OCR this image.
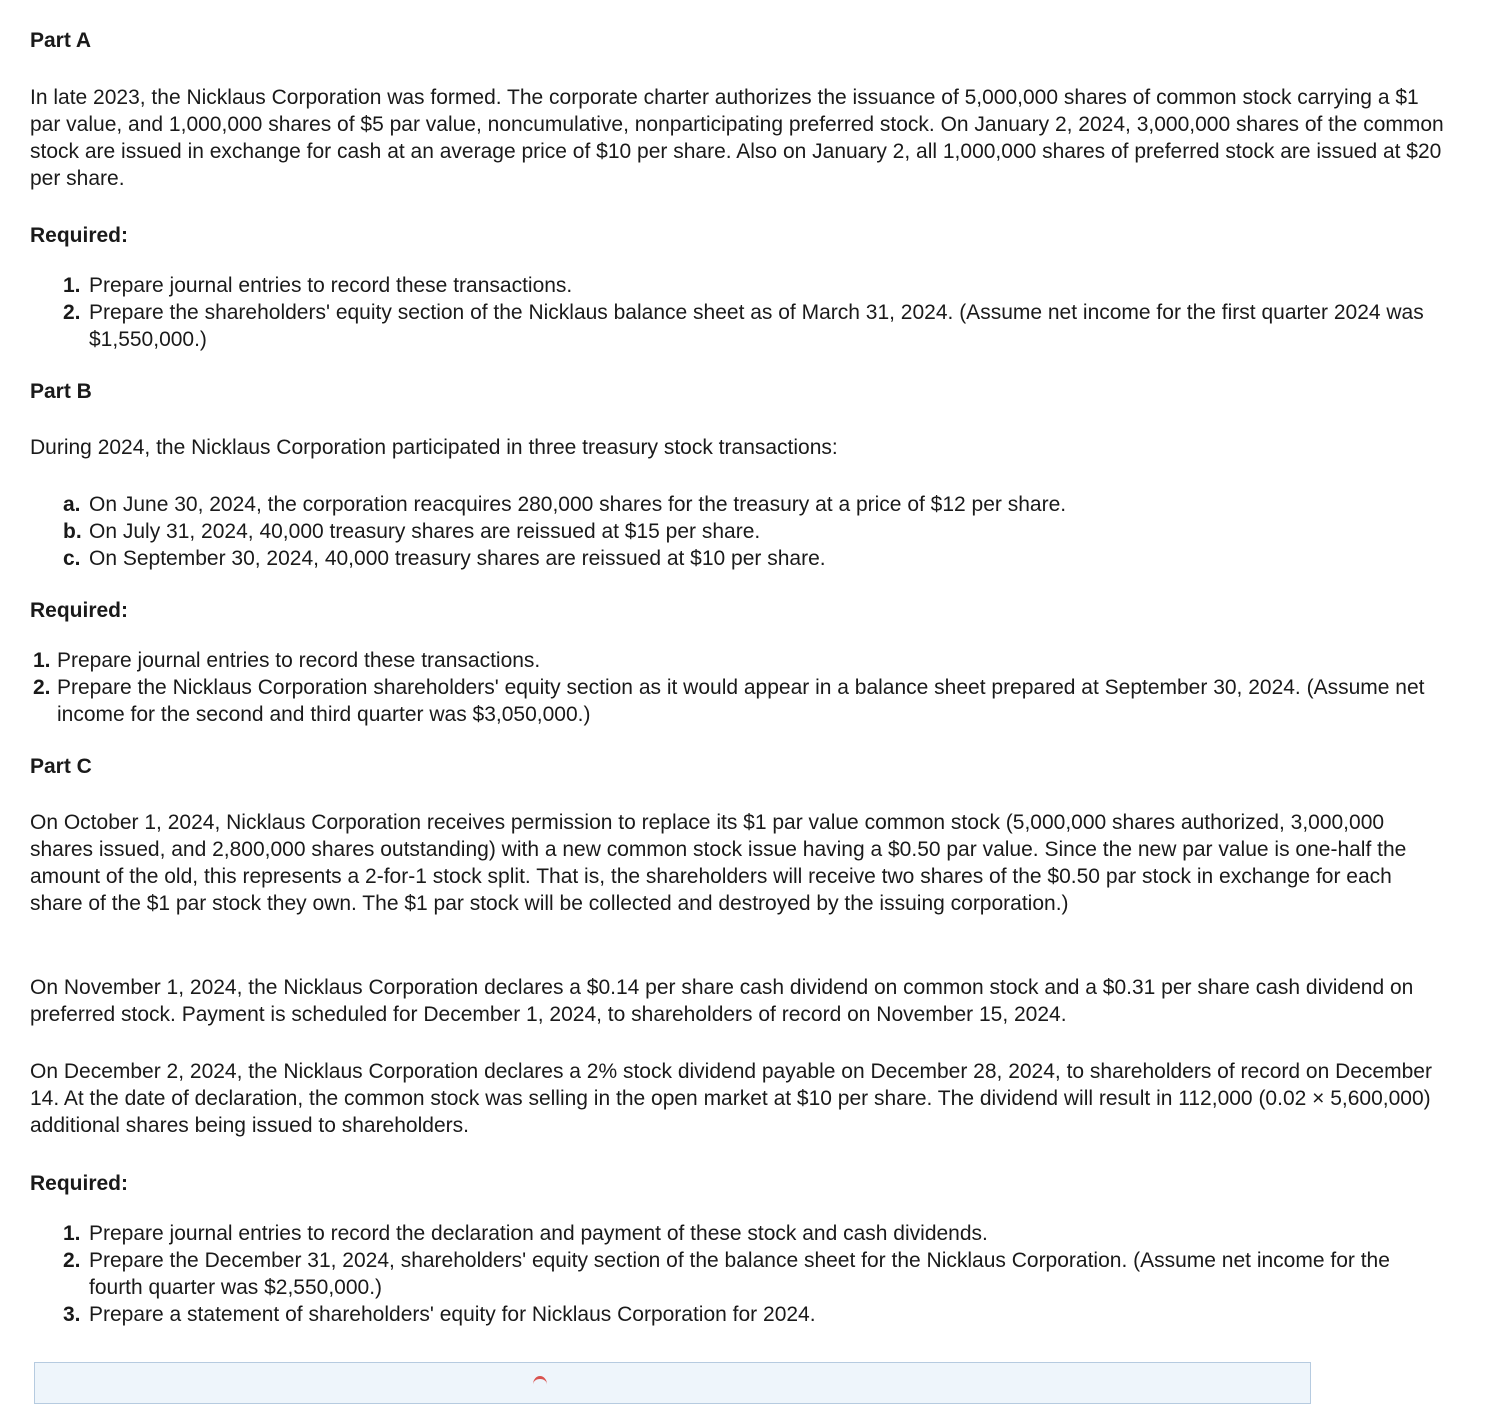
Part A

In late 2023, the Nicklaus Corporation was formed. The corporate charter authorizes the issuance of 5,000,000 shares of common stock carrying a $1 par value, and 1,000,000 shares of $5 par value, noncumulative, nonparticipating preferred stock. On January 2, 2024, 3,000,000 shares of the common stock are issued in exchange for cash at an average price of $10 per share. Also on January 2, all 1,000,000 shares of preferred stock are issued at $20 per share.

Required:
1. Prepare journal entries to record these transactions.
2. Prepare the shareholders' equity section of the Nicklaus balance sheet as of March 31, 2024. (Assume net income for the first quarter 2024 was $1,550,000.)
Part B

During 2024, the Nicklaus Corporation participated in three treasury stock transactions:

a. On June 30, 2024, the corporation reacquires 280,000 shares for the treasury at a price of $12 per share.
b. On July 31, 2024, 40,000 treasury shares are reissued at $15 per share.
c. On September 30, 2024, 40,000 treasury shares are reissued at $10 per share.
Required:
1. Prepare journal entries to record these transactions.
2. Prepare the Nicklaus Corporation shareholders' equity section as it would appear in a balance sheet prepared at September 30, 2024. (Assume net income for the second and third quarter was $3,050,000.)
Part C

On October 1, 2024, Nicklaus Corporation receives permission to replace its $1 par value common stock (5,000,000 shares authorized, 3,000,000 shares issued, and 2,800,000 shares outstanding) with a new common stock issue having a $0.50 par value. Since the new par value is one-half the amount of the old, this represents a 2-for-1 stock split. That is, the shareholders will receive two shares of the $0.50 par stock in exchange for each share of the $1 par stock they own. The $1 par stock will be collected and destroyed by the issuing corporation.)

On November 1, 2024, the Nicklaus Corporation declares a $0.14 per share cash dividend on common stock and a $0.31 per share cash dividend on preferred stock. Payment is scheduled for December 1, 2024, to shareholders of record on November 15, 2024.

On December 2, 2024, the Nicklaus Corporation declares a 2% stock dividend payable on December 28, 2024, to shareholders of record on December 14. At the date of declaration, the common stock was selling in the open market at $10 per share. The dividend will result in 112,000 (0.02 × 5,600,000) additional shares being issued to shareholders.

Required:
1. Prepare journal entries to record the declaration and payment of these stock and cash dividends.
2. Prepare the December 31, 2024, shareholders' equity section of the balance sheet for the Nicklaus Corporation. (Assume net income for the fourth quarter was $2,550,000.)
3. Prepare a statement of shareholders' equity for Nicklaus Corporation for 2024.
